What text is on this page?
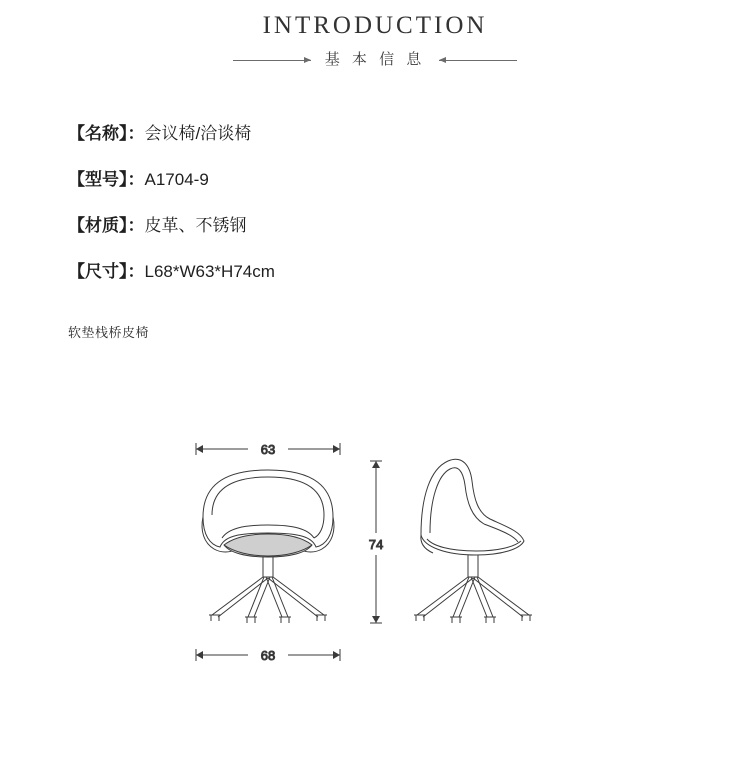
INTRODUCTION
基 本 信 息
【名称】：会议椅/洽谈椅
【型号】：A1704-9
【材质】：皮革、不锈钢
【尺寸】：L68*W63*H74cm
软垫栈桥皮椅
63
68
74
